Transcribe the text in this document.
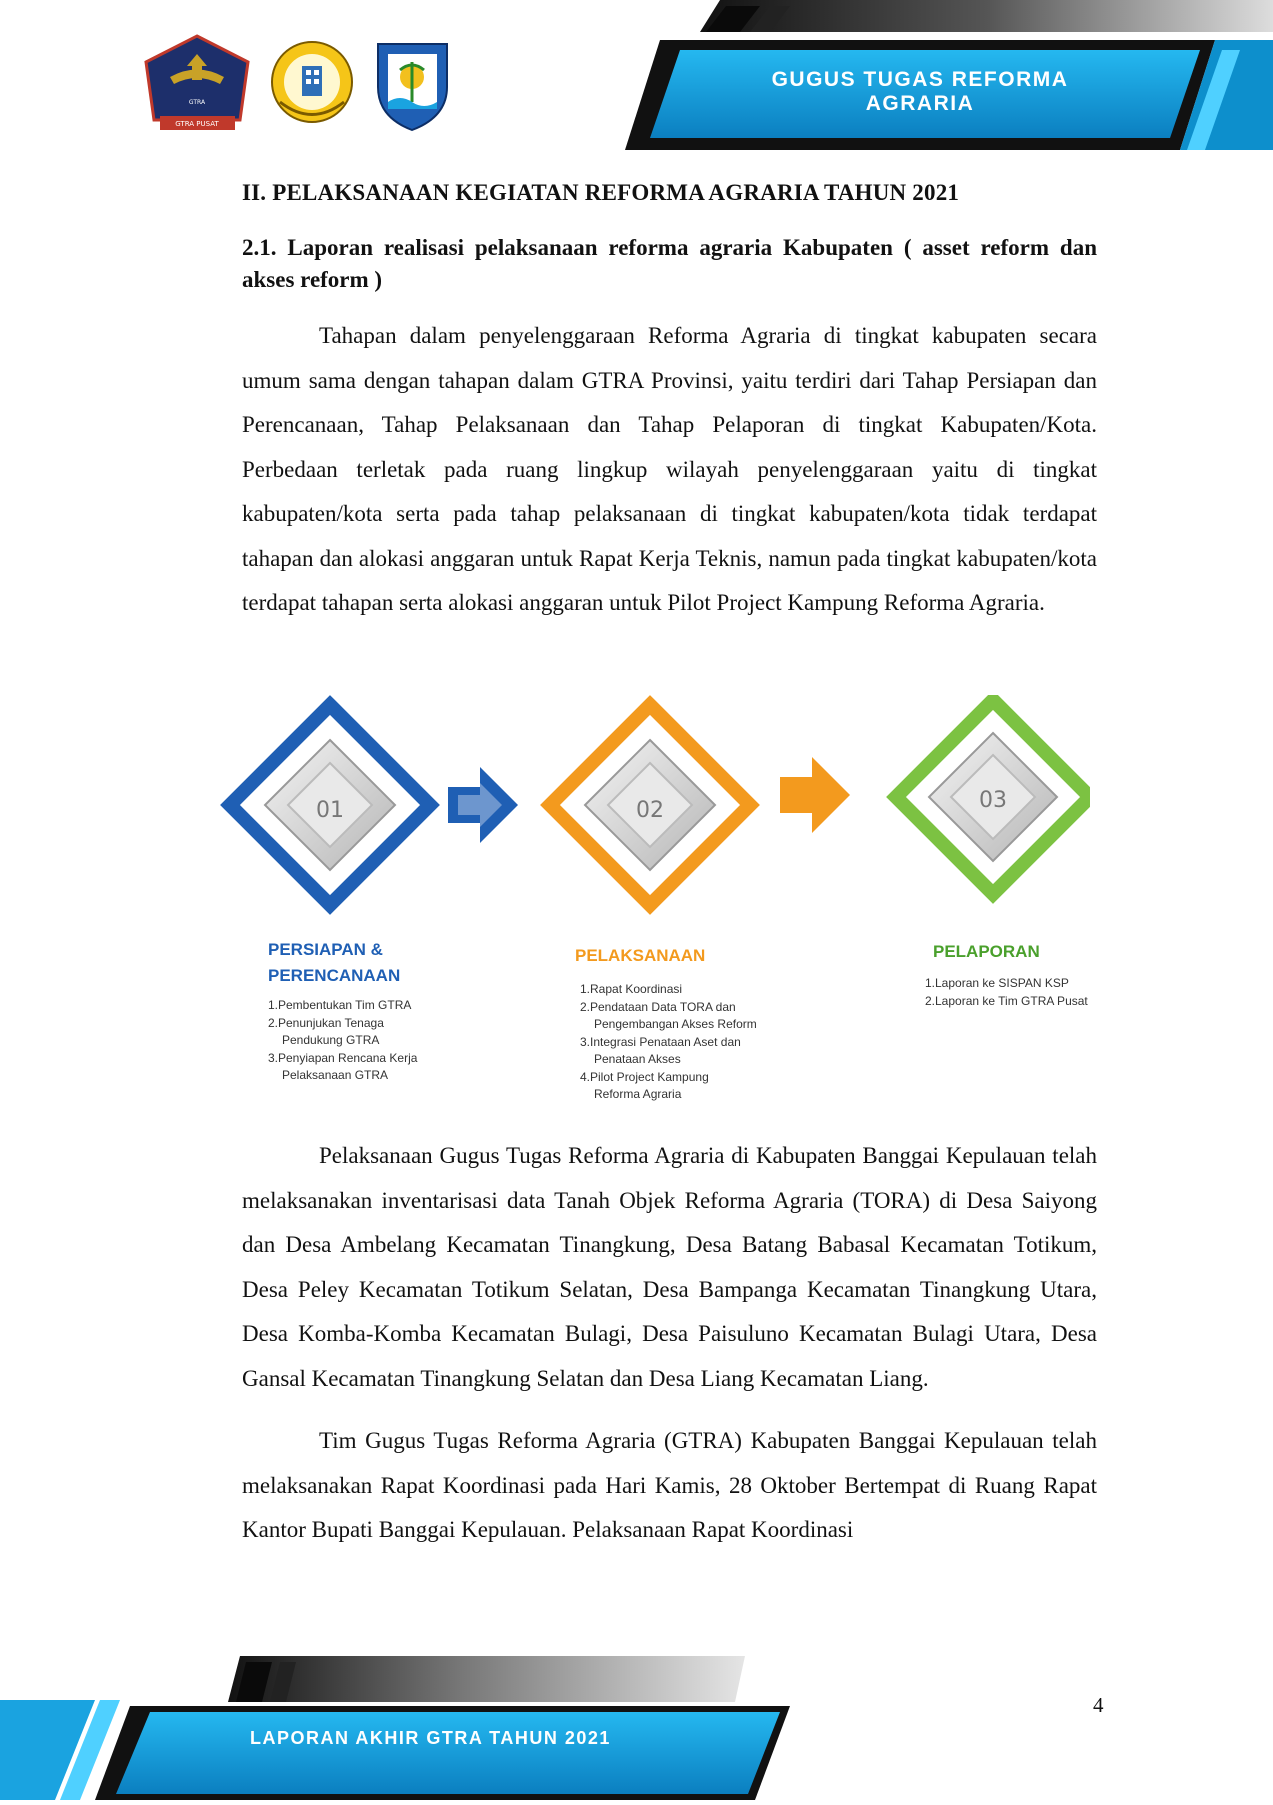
GUGUS TUGAS REFORMA AGRARIA
GTRA PUSAT
GTRA
II. PELAKSANAAN KEGIATAN REFORMA AGRARIA TAHUN 2021
2.1. Laporan realisasi pelaksanaan reforma agraria Kabupaten ( asset reform dan akses reform )

Tahapan dalam penyelenggaraan Reforma Agraria di tingkat kabupaten secara umum sama dengan tahapan dalam GTRA Provinsi, yaitu terdiri dari Tahap Persiapan dan Perencanaan, Tahap Pelaksanaan dan Tahap Pelaporan di tingkat Kabupaten/Kota. Perbedaan terletak pada ruang lingkup wilayah penyelenggaraan yaitu di tingkat kabupaten/kota serta pada tahap pelaksanaan di tingkat kabupaten/kota tidak terdapat tahapan dan alokasi anggaran untuk Rapat Kerja Teknis, namun pada tingkat kabupaten/kota terdapat tahapan serta alokasi anggaran untuk Pilot Project Kampung Reforma Agraria.

01	02	03
PERSIAPAN &
PERENCANAAN
1.Pembentukan Tim GTRA
2.Penunjukan Tenaga
Pendukung GTRA
3.Penyiapan Rencana Kerja
Pelaksanaan GTRA
PELAKSANAAN
1.Rapat Koordinasi
2.Pendataan Data TORA dan
Pengembangan Akses Reform
3.Integrasi Penataan Aset dan
Penataan Akses
4.Pilot Project Kampung
Reforma Agraria
PELAPORAN
1.Laporan ke SISPAN KSP
2.Laporan ke Tim GTRA Pusat

Pelaksanaan Gugus Tugas Reforma Agraria di Kabupaten Banggai Kepulauan telah melaksanakan inventarisasi data Tanah Objek Reforma Agraria (TORA) di Desa Saiyong dan Desa Ambelang Kecamatan Tinangkung, Desa Batang Babasal Kecamatan Totikum, Desa Peley Kecamatan Totikum Selatan, Desa Bampanga Kecamatan Tinangkung Utara, Desa Komba-Komba Kecamatan Bulagi, Desa Paisuluno Kecamatan Bulagi Utara, Desa Gansal Kecamatan Tinangkung Selatan dan Desa Liang Kecamatan Liang.

Tim Gugus Tugas Reforma Agraria (GTRA) Kabupaten Banggai Kepulauan telah melaksanakan Rapat Koordinasi pada Hari Kamis, 28 Oktober Bertempat di Ruang Rapat Kantor Bupati Banggai Kepulauan. Pelaksanaan Rapat Koordinasi

LAPORAN AKHIR GTRA TAHUN 2021
4
